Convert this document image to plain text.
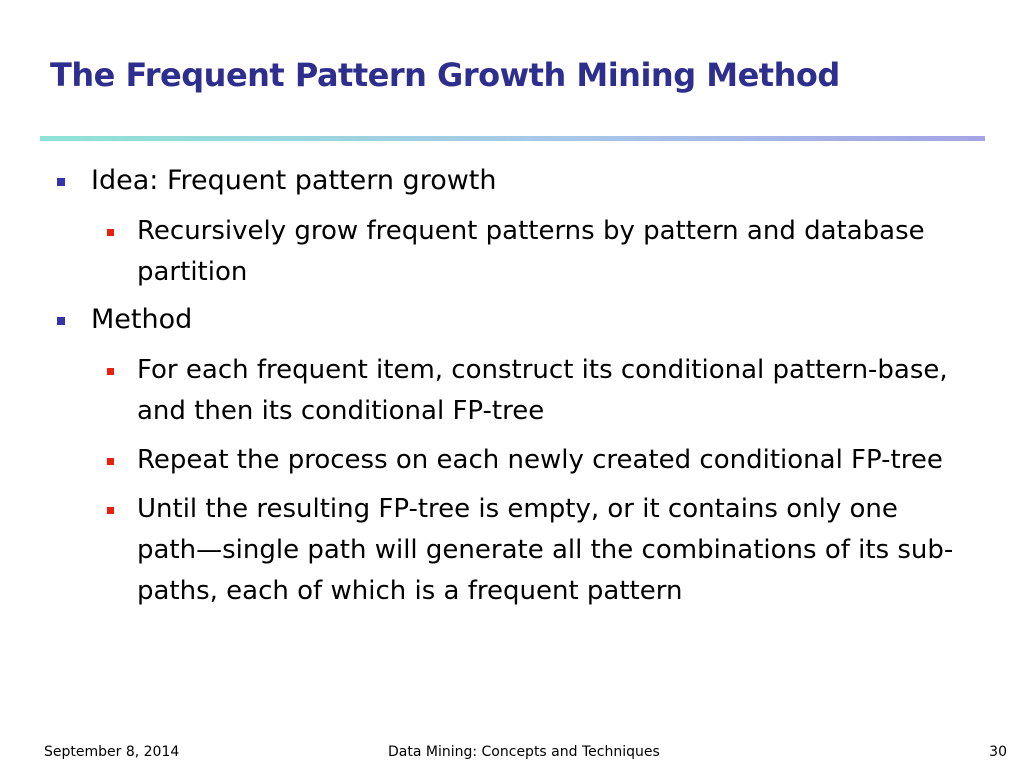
The Frequent Pattern Growth Mining Method
Idea: Frequent pattern growth
Recursively grow frequent patterns by pattern and database partition
Method
For each frequent item, construct its conditional pattern-base, and then its conditional FP-tree
Repeat the process on each newly created conditional FP-tree
Until the resulting FP-tree is empty, or it contains only one path—single path will generate all the combinations of its sub-paths, each of which is a frequent pattern
September 8, 2014	Data Mining: Concepts and Techniques	30
